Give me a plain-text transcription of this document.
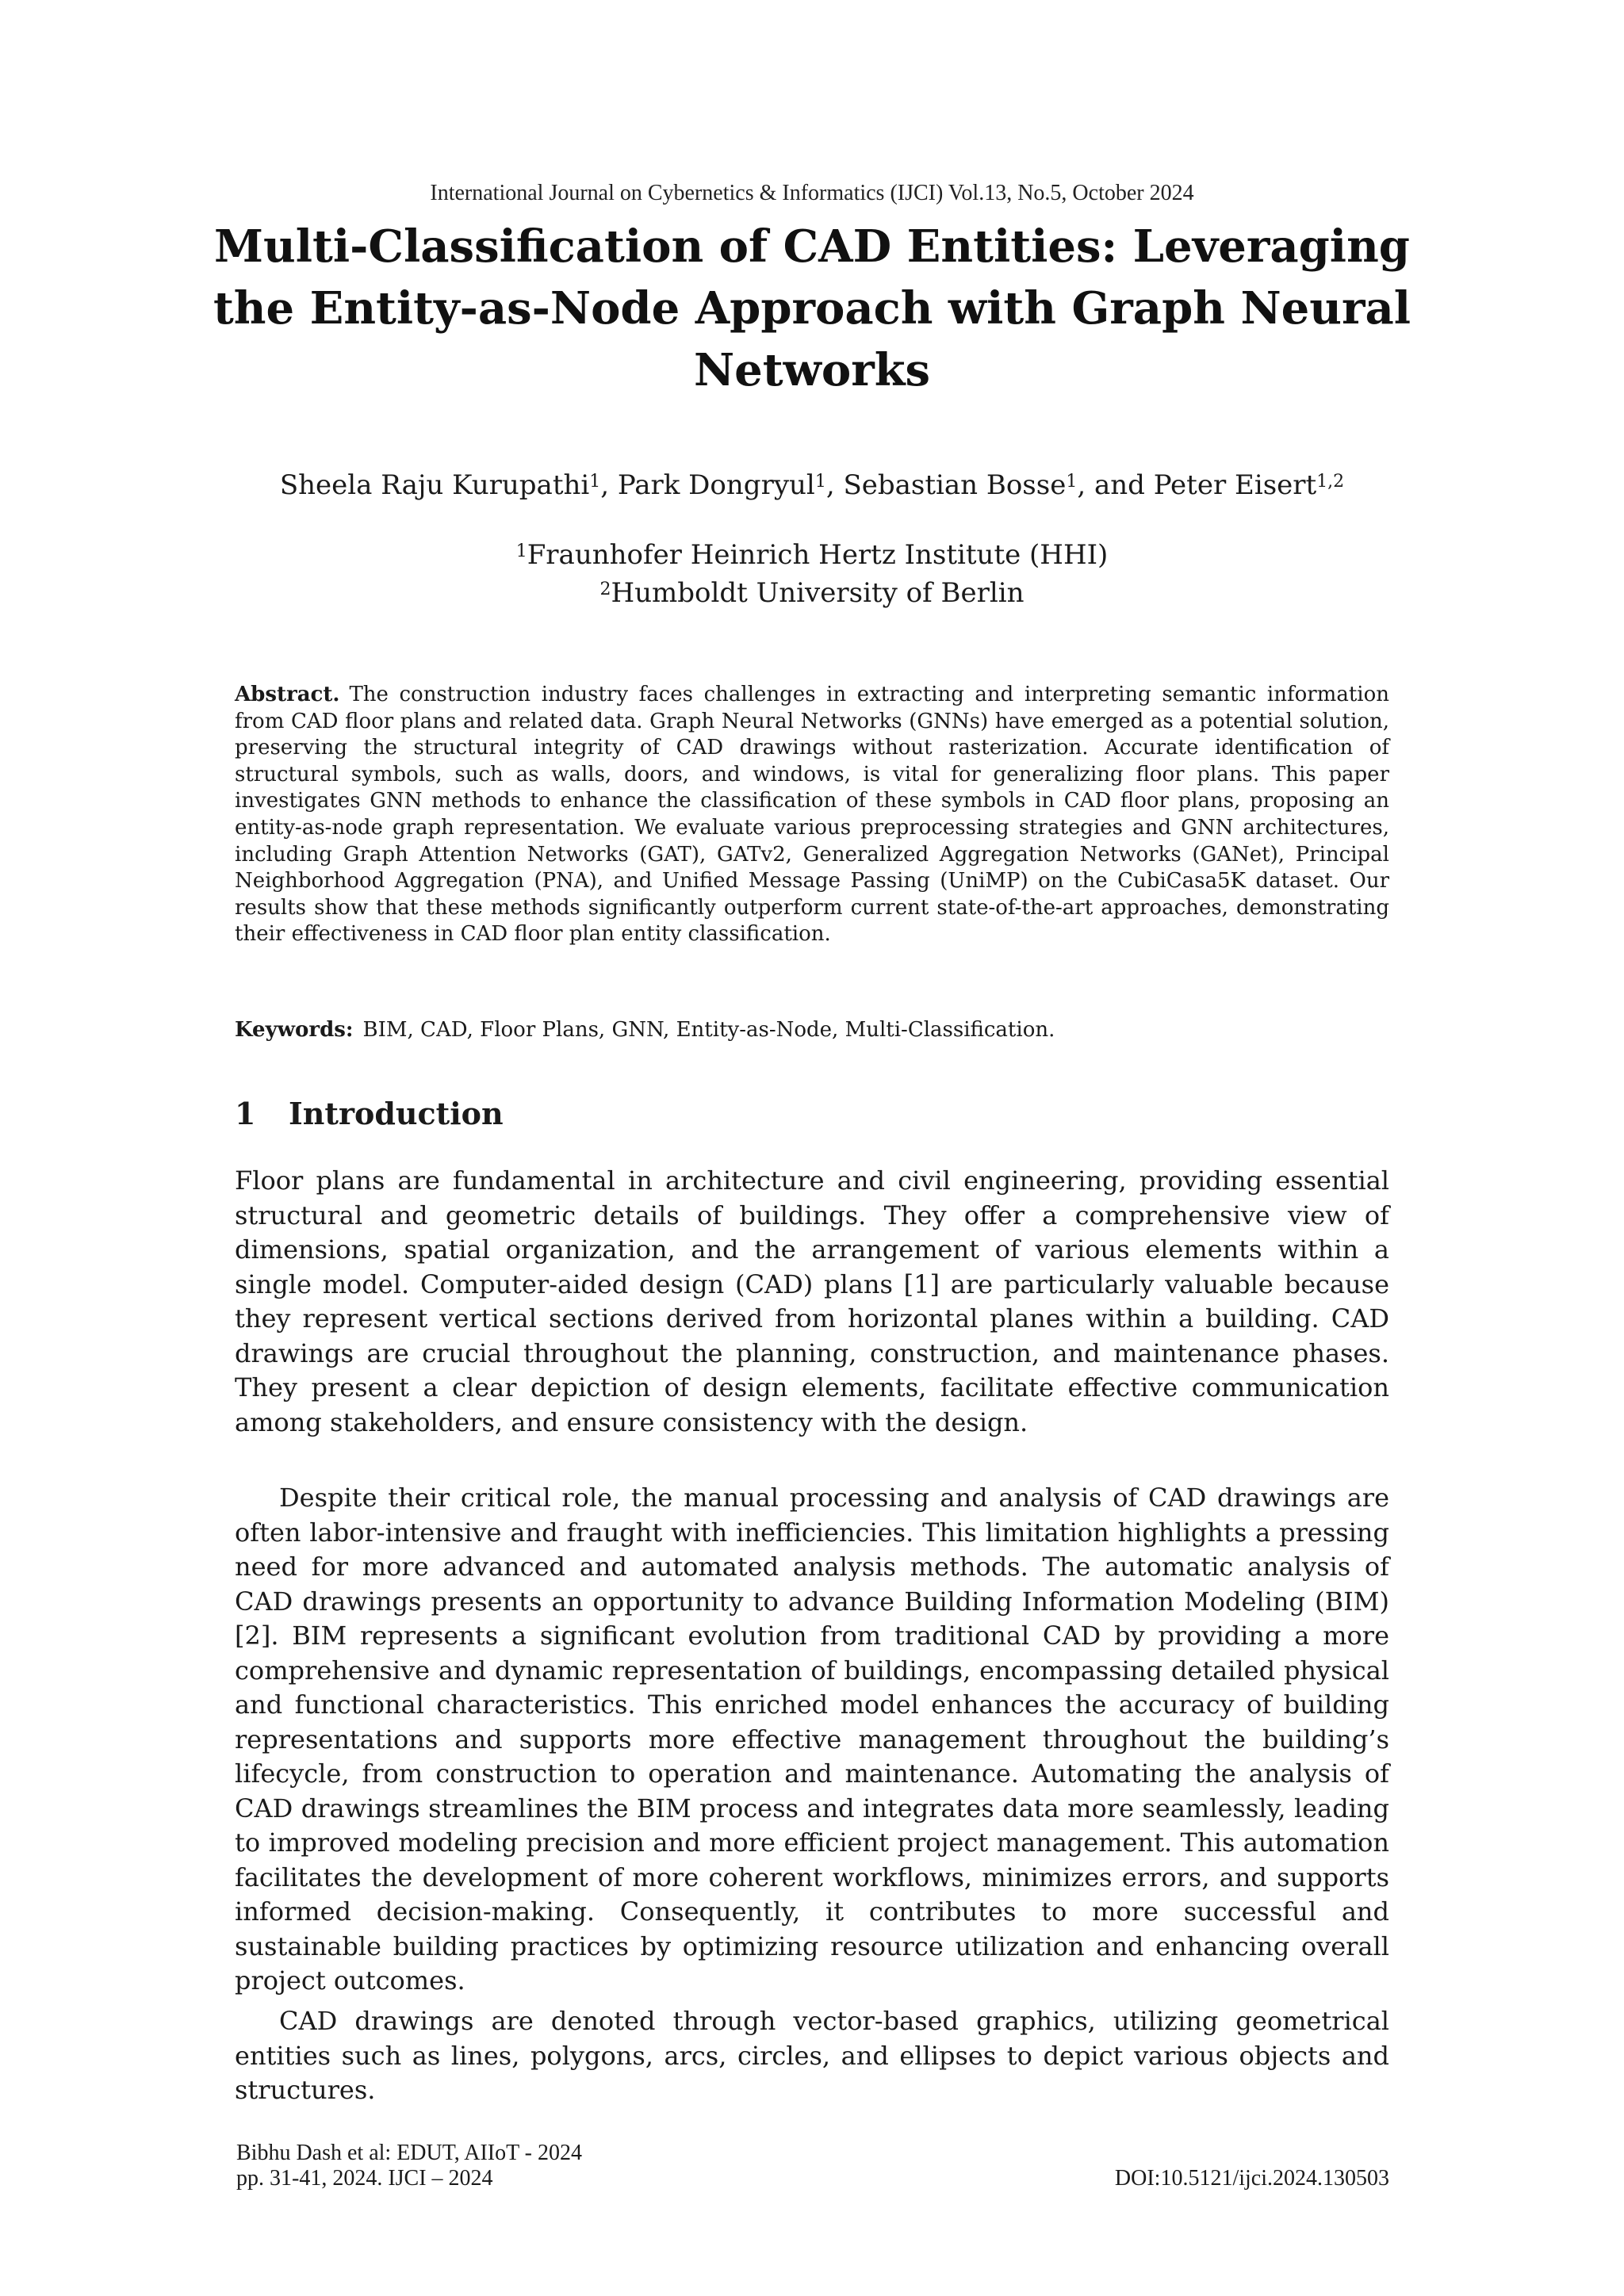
International Journal on Cybernetics & Informatics (IJCI) Vol.13, No.5, October 2024
Multi-Classification of CAD Entities: Leveraging the Entity-as-Node Approach with Graph Neural Networks
Sheela Raju Kurupathi$^1$, Park Dongryul$^1$, Sebastian Bosse$^1$, and Peter Eisert$^{1,2}$
$^1$Fraunhofer Heinrich Hertz Institute (HHI)
$^2$Humboldt University of Berlin
Abstract. The construction industry faces challenges in extracting and interpreting semantic information from CAD floor plans and related data. Graph Neural Networks (GNNs) have emerged as a potential solution, preserving the structural integrity of CAD drawings without rasterization. Accurate identification of structural symbols, such as walls, doors, and windows, is vital for generalizing floor plans. This paper investigates GNN methods to enhance the classification of these symbols in CAD floor plans, proposing an entity-as-node graph representation. We evaluate various preprocessing strategies and GNN architectures, including Graph Attention Networks (GAT), GATv2, Generalized Aggregation Networks (GANet), Principal Neighborhood Aggregation (PNA), and Unified Message Passing (UniMP) on the CubiCasa5K dataset. Our results show that these methods significantly outperform current state-of-the-art approaches, demonstrating their effectiveness in CAD floor plan entity classification.
Keywords: BIM, CAD, Floor Plans, GNN, Entity-as-Node, Multi-Classification.
1 Introduction

Floor plans are fundamental in architecture and civil engineering, providing essential structural and geometric details of buildings. They offer a comprehensive view of dimensions, spatial organization, and the arrangement of various elements within a single model. Computer-aided design (CAD) plans [1] are particularly valuable because they represent vertical sections derived from horizontal planes within a building. CAD drawings are crucial throughout the planning, construction, and maintenance phases. They present a clear depiction of design elements, facilitate effective communication among stakeholders, and ensure consistency with the design.

Despite their critical role, the manual processing and analysis of CAD drawings are often labor-intensive and fraught with inefficiencies. This limitation highlights a pressing need for more advanced and automated analysis methods. The automatic analysis of CAD drawings presents an opportunity to advance Building Information Modeling (BIM) [2]. BIM represents a significant evolution from traditional CAD by providing a more comprehensive and dynamic representation of buildings, encompassing detailed physical and functional characteristics. This enriched model enhances the accuracy of building representations and supports more effective management throughout the building’s lifecycle, from construction to operation and maintenance. Automating the analysis of CAD drawings streamlines the BIM process and integrates data more seamlessly, leading to improved modeling precision and more efficient project management. This automation facilitates the development of more coherent workflows, minimizes errors, and supports informed decision-making. Consequently, it contributes to more successful and sustainable building practices by optimizing resource utilization and enhancing overall project outcomes.

CAD drawings are denoted through vector-based graphics, utilizing geometrical entities such as lines, polygons, arcs, circles, and ellipses to depict various objects and structures.

Bibhu Dash et al: EDUT, AIIoT - 2024
pp. 31-41, 2024. IJCI – 2024	DOI:10.5121/ijci.2024.130503
